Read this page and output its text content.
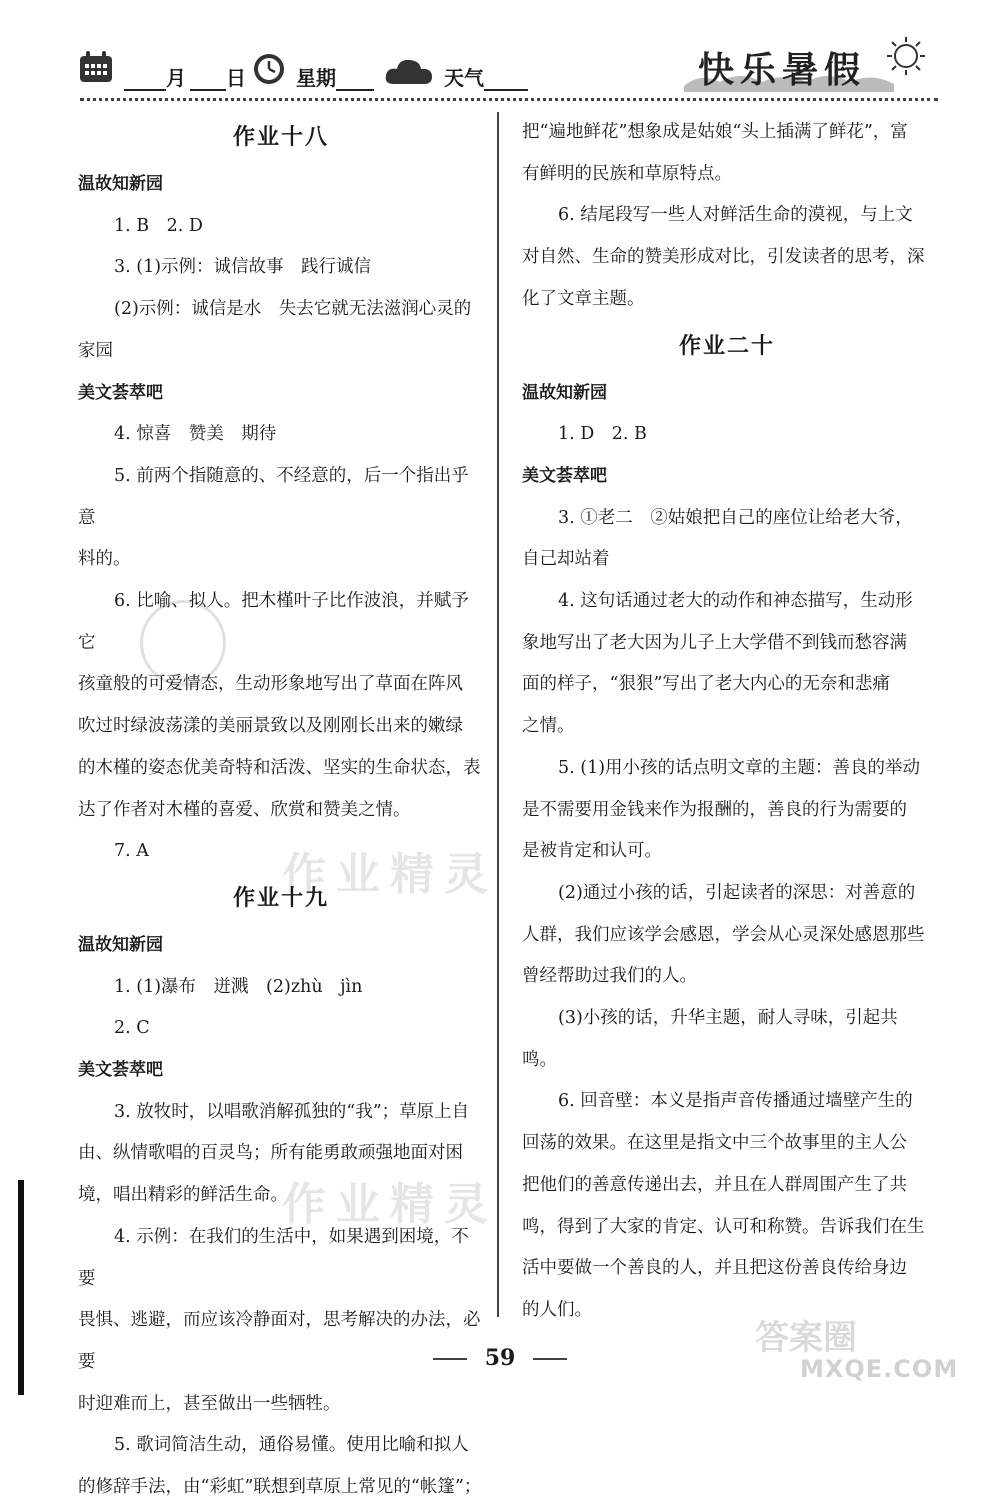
月	日	星期	天气	快乐暑假

作业十八

温故知新园

1. B　2. D

3. (1)示例：诚信故事　践行诚信

(2)示例：诚信是水　失去它就无法滋润心灵的

家园

美文荟萃吧

4. 惊喜　赞美　期待

5. 前两个指随意的、不经意的，后一个指出乎意

料的。

6. 比喻、拟人。把木槿叶子比作波浪，并赋予它

孩童般的可爱情态，生动形象地写出了草面在阵风

吹过时绿波荡漾的美丽景致以及刚刚长出来的嫩绿

的木槿的姿态优美奇特和活泼、坚实的生命状态，表

达了作者对木槿的喜爱、欣赏和赞美之情。

7. A

作业十九

温故知新园

1. (1)瀑布　迸溅　(2)zhù　jìn

2. C

美文荟萃吧

3. 放牧时，以唱歌消解孤独的“我”；草原上自

由、纵情歌唱的百灵鸟；所有能勇敢顽强地面对困

境，唱出精彩的鲜活生命。

4. 示例：在我们的生活中，如果遇到困境，不要

畏惧、逃避，而应该冷静面对，思考解决的办法，必要

时迎难而上，甚至做出一些牺牲。

5. 歌词简洁生动，通俗易懂。使用比喻和拟人

的修辞手法，由“彩虹”联想到草原上常见的“帐篷”；

把“遍地鲜花”想象成是姑娘“头上插满了鲜花”，富

有鲜明的民族和草原特点。

6. 结尾段写一些人对鲜活生命的漠视，与上文

对自然、生命的赞美形成对比，引发读者的思考，深

化了文章主题。

作业二十

温故知新园

1. D　2. B

美文荟萃吧

3. ①老二　②姑娘把自己的座位让给老大爷，

自己却站着

4. 这句话通过老大的动作和神态描写，生动形

象地写出了老大因为儿子上大学借不到钱而愁容满

面的样子，“狠狠”写出了老大内心的无奈和悲痛

之情。

5. (1)用小孩的话点明文章的主题：善良的举动

是不需要用金钱来作为报酬的，善良的行为需要的

是被肯定和认可。

(2)通过小孩的话，引起读者的深思：对善意的

人群，我们应该学会感恩，学会从心灵深处感恩那些

曾经帮助过我们的人。

(3)小孩的话，升华主题，耐人寻味，引起共鸣。

6. 回音壁：本义是指声音传播通过墙壁产生的

回荡的效果。在这里是指文中三个故事里的主人公

把他们的善意传递出去，并且在人群周围产生了共

鸣，得到了大家的肯定、认可和称赞。告诉我们在生

活中要做一个善良的人，并且把这份善良传给身边

的人们。

作业精灵
作业精灵
59	答案圈
MXQE.COM
